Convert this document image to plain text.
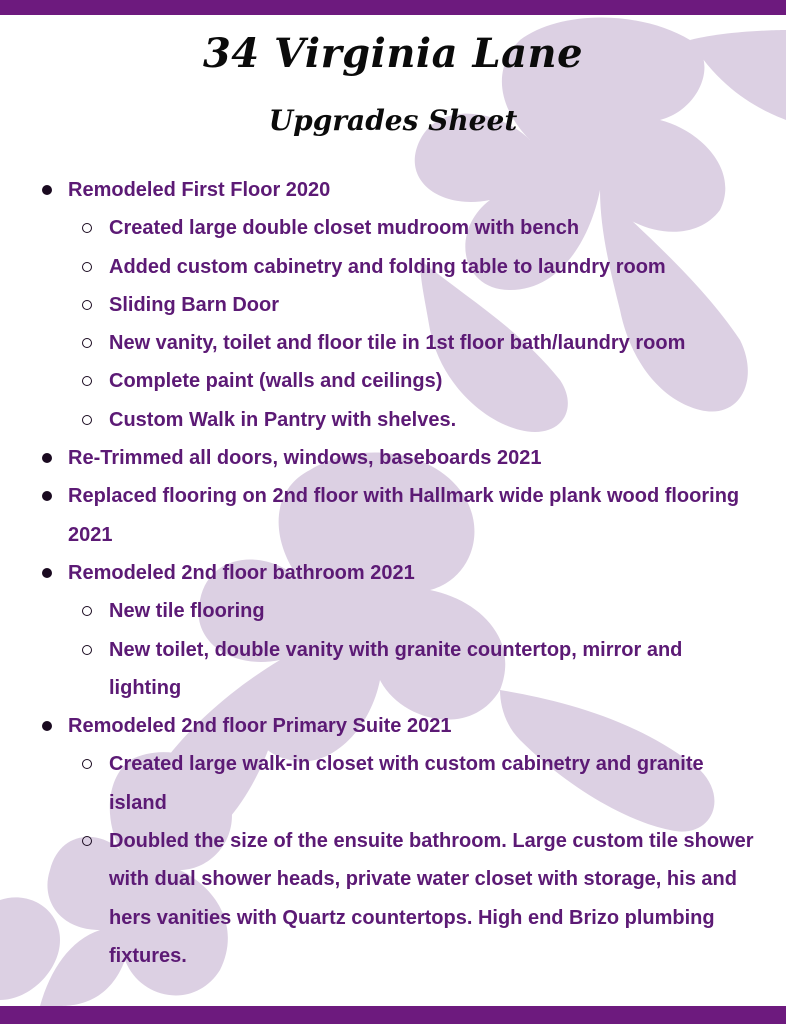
34 Virginia Lane
Upgrades Sheet
Remodeled First Floor 2020
Created large double closet mudroom with bench
Added custom cabinetry and folding table to laundry room
Sliding Barn Door
New vanity, toilet and floor tile in 1st floor bath/laundry room
Complete paint (walls and ceilings)
Custom Walk in Pantry with shelves.
Re-Trimmed all doors, windows, baseboards 2021
Replaced flooring on 2nd floor with Hallmark wide plank wood flooring 2021
Remodeled 2nd floor bathroom 2021
New tile flooring
New toilet, double vanity with granite countertop, mirror and lighting
Remodeled 2nd floor Primary Suite 2021
Created large walk-in closet with custom cabinetry and granite island
Doubled the size of the ensuite bathroom. Large custom tile shower with dual shower heads, private water closet with storage, his and hers vanities with Quartz countertops. High end Brizo plumbing fixtures.
